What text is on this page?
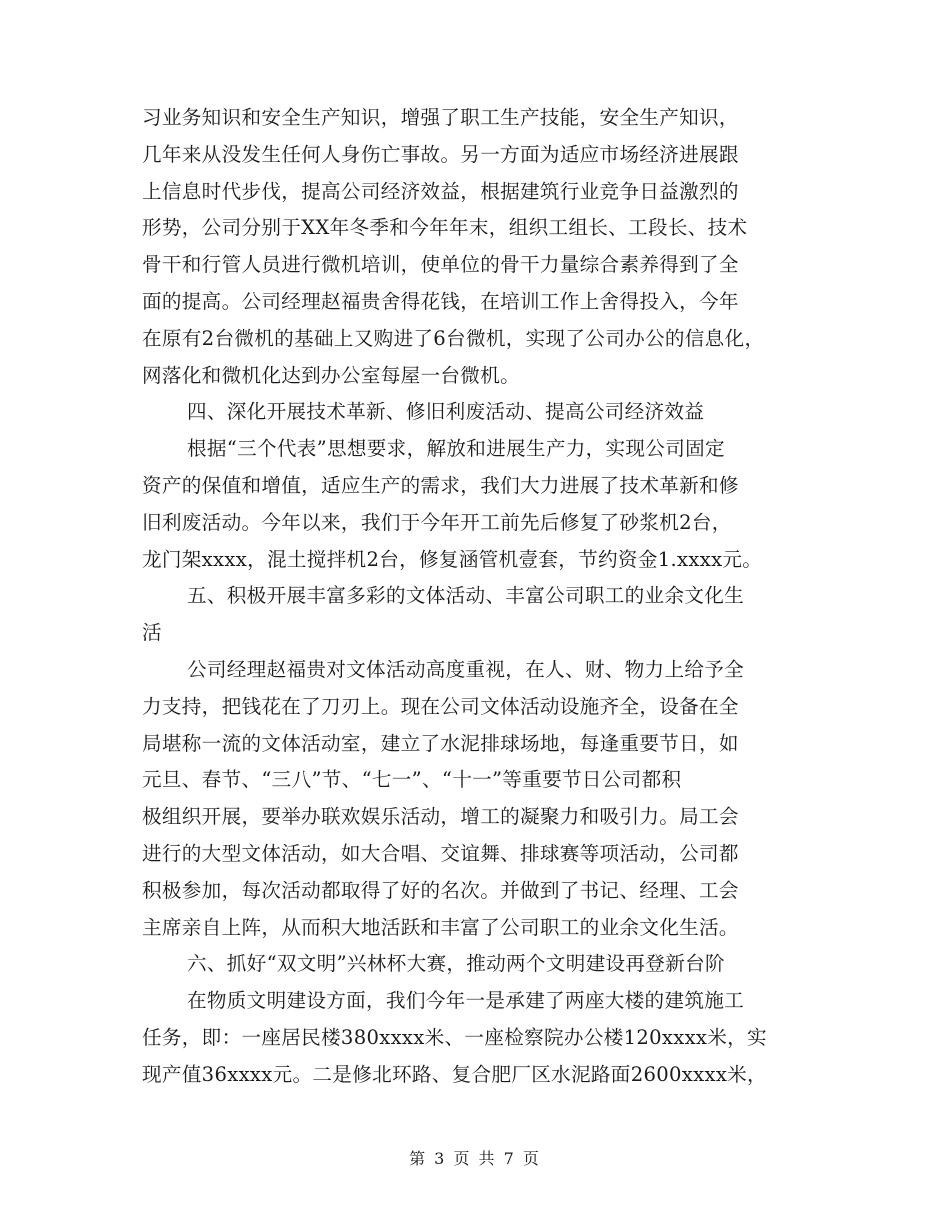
习业务知识和安全生产知识，增强了职工生产技能，安全生产知识，
几年来从没发生任何人身伤亡事故。另一方面为适应市场经济进展跟
上信息时代步伐，提高公司经济效益，根据建筑行业竞争日益激烈的
形势，公司分别于XX年冬季和今年年末，组织工组长、工段长、技术
骨干和行管人员进行微机培训，使单位的骨干力量综合素养得到了全
面的提高。公司经理赵福贵舍得花钱，在培训工作上舍得投入，今年
在原有2台微机的基础上又购进了6台微机，实现了公司办公的信息化，
网落化和微机化达到办公室每屋一台微机。
四、深化开展技术革新、修旧利废活动、提高公司经济效益
根据“三个代表”思想要求，解放和进展生产力，实现公司固定
资产的保值和增值，适应生产的需求，我们大力进展了技术革新和修
旧利废活动。今年以来，我们于今年开工前先后修复了砂浆机2台，
龙门架xxxx，混土搅拌机2台，修复涵管机壹套，节约资金1.xxxx元。
五、积极开展丰富多彩的文体活动、丰富公司职工的业余文化生
活
公司经理赵福贵对文体活动高度重视，在人、财、物力上给予全
力支持，把钱花在了刀刃上。现在公司文体活动设施齐全，设备在全
局堪称一流的文体活动室，建立了水泥排球场地，每逢重要节日，如
元旦、春节、“三八”节、“七一”、“十一”等重要节日公司都积
极组织开展，要举办联欢娱乐活动，增工的凝聚力和吸引力。局工会
进行的大型文体活动，如大合唱、交谊舞、排球赛等项活动，公司都
积极参加，每次活动都取得了好的名次。并做到了书记、经理、工会
主席亲自上阵，从而积大地活跃和丰富了公司职工的业余文化生活。
六、抓好“双文明”兴林杯大赛，推动两个文明建设再登新台阶
在物质文明建设方面，我们今年一是承建了两座大楼的建筑施工
任务，即：一座居民楼380xxxx米、一座检察院办公楼120xxxx米，实
现产值36xxxx元。二是修北环路、复合肥厂区水泥路面2600xxxx米，
第 3 页 共 7 页
